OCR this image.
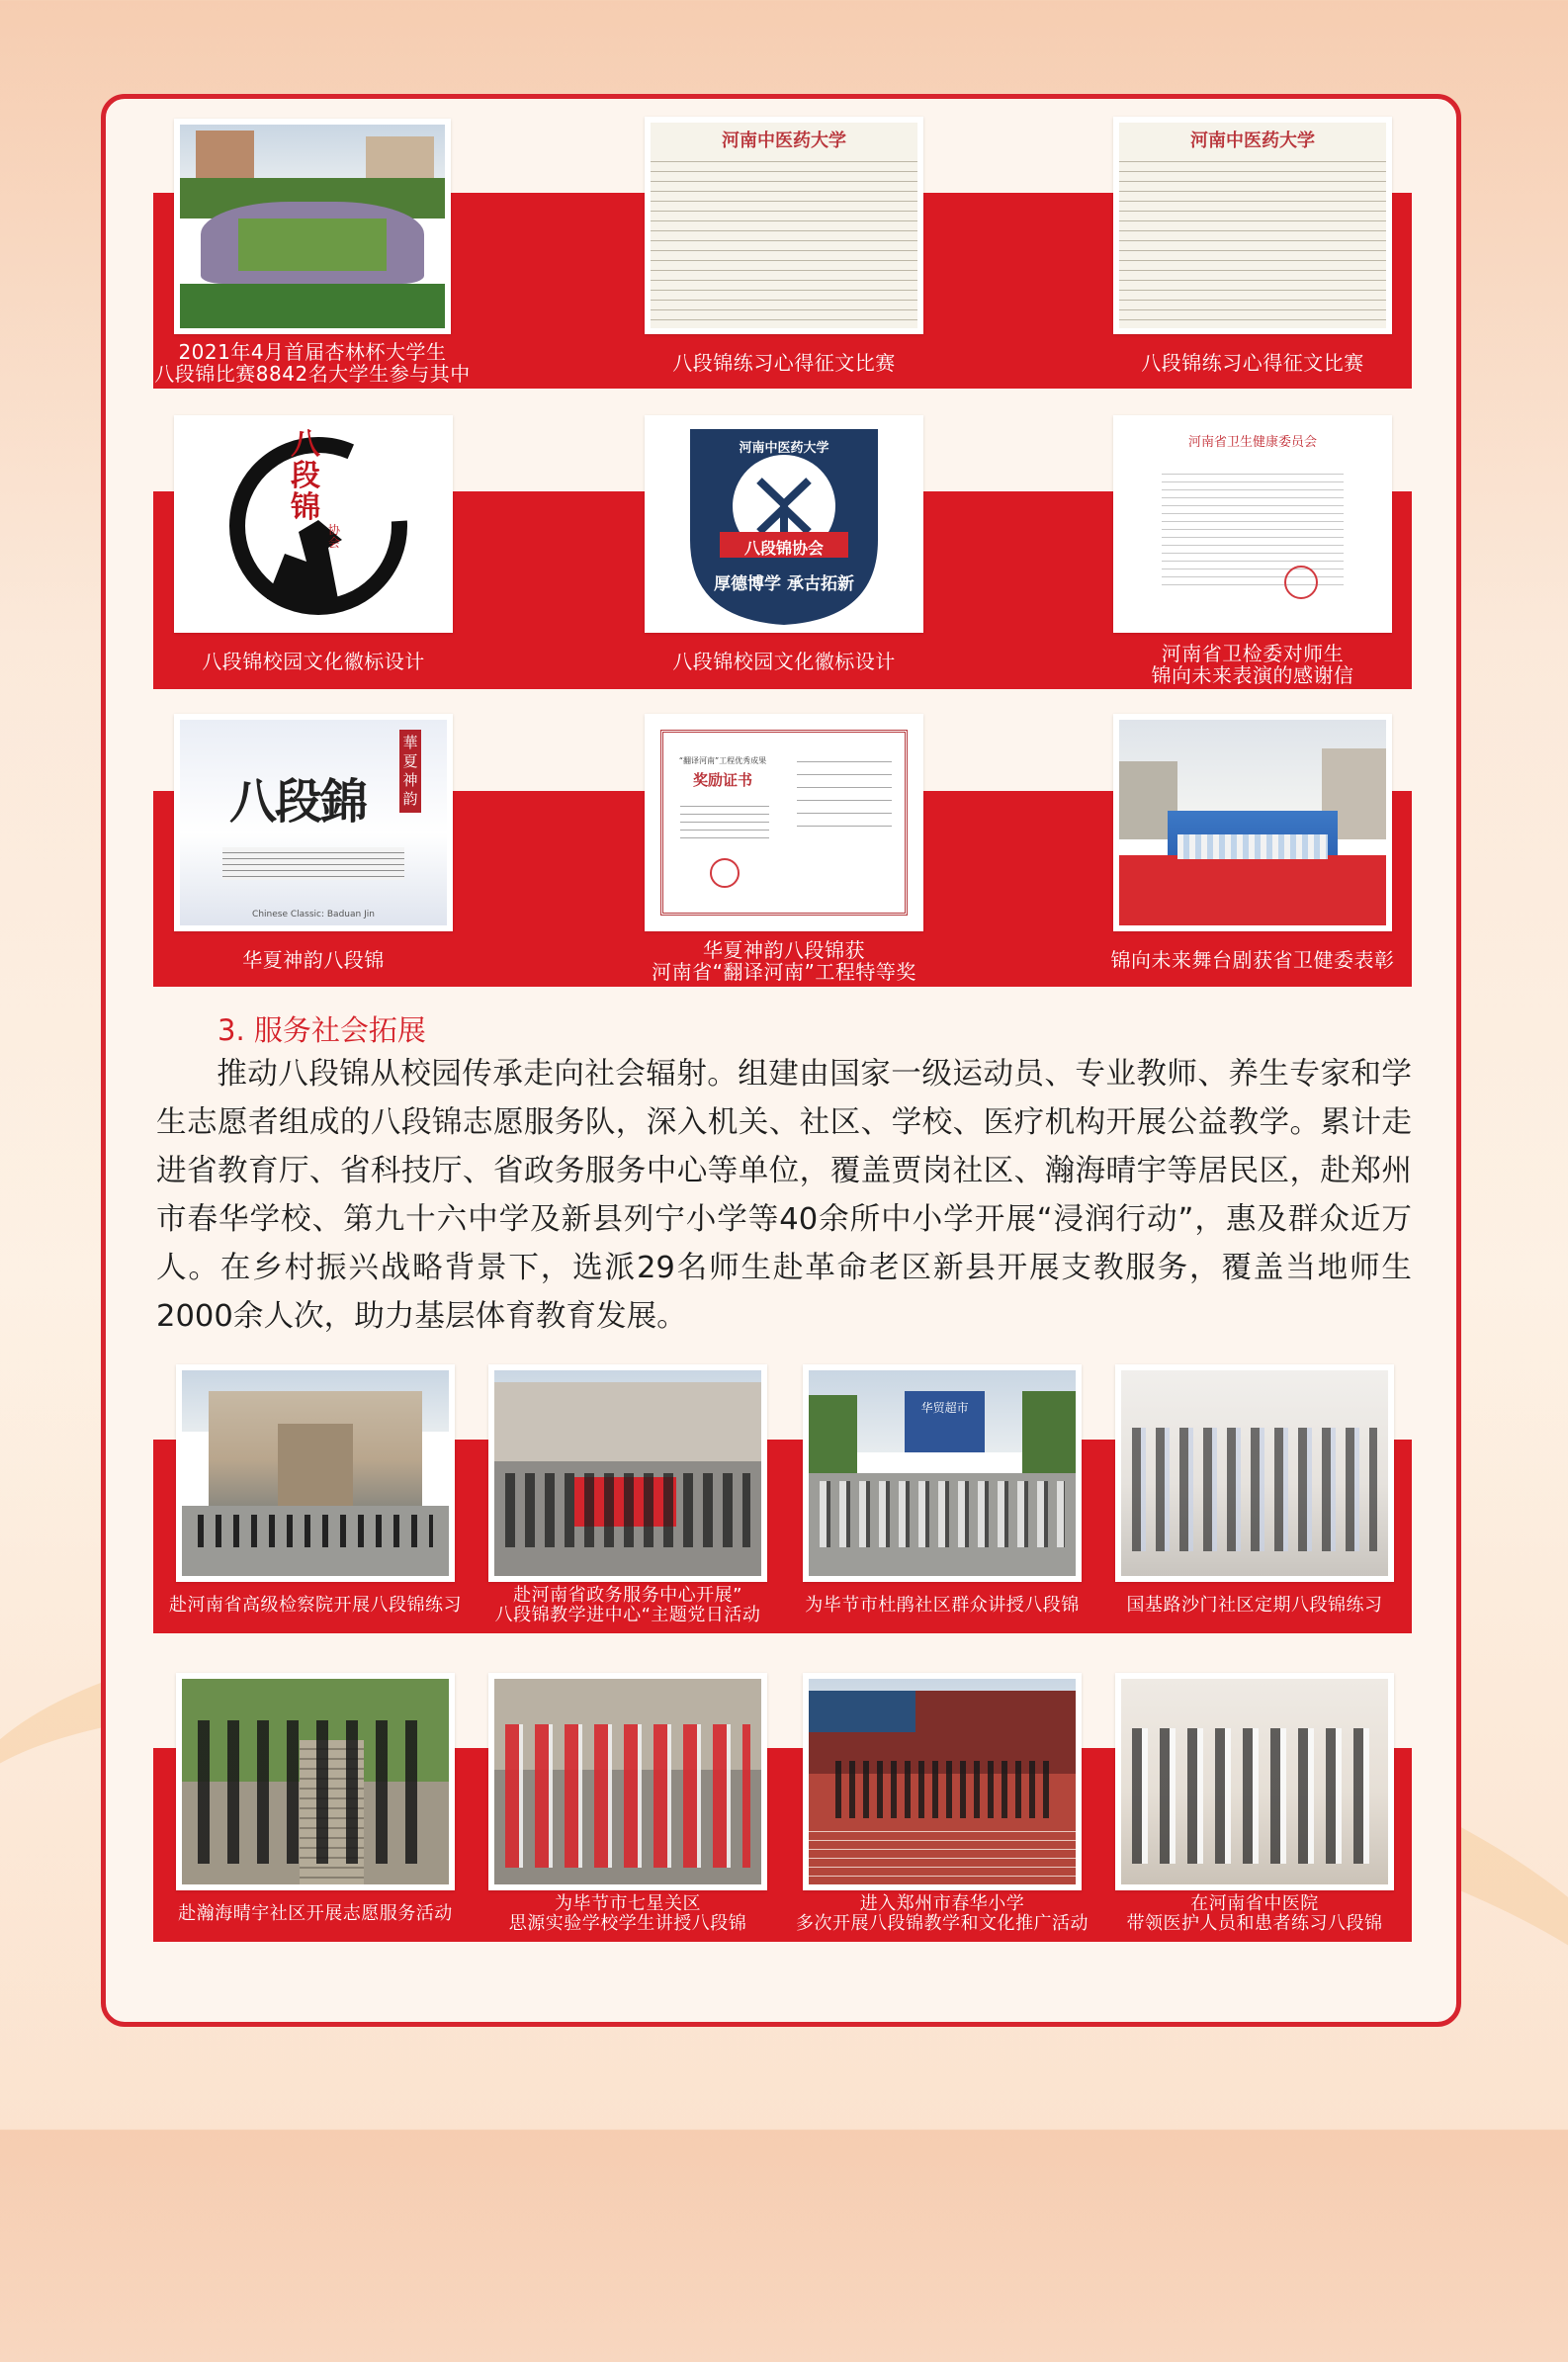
2021年4月首届杏林杯大学生
八段锦比赛8842名大学生参与其中
河南中医药大学
八段锦练习心得征文比赛
河南中医药大学
八段锦练习心得征文比赛
八 段 锦
协会
八段锦校园文化徽标设计
河南中医药大学
八段锦协会
厚德博学 承古拓新
八段锦校园文化徽标设计
河南省卫生健康委员会
河南省卫检委对师生
锦向未来表演的感谢信
八段錦
華夏神韵
Chinese Classic: Baduan Jin
华夏神韵八段锦
“翻译河南”工程优秀成果
奖励证书
华夏神韵八段锦获
河南省“翻译河南”工程特等奖	锦向未来舞台剧获省卫健委表彰
3. 服务社会拓展
推动八段锦从校园传承走向社会辐射。组建由国家一级运动员、专业教师、养生专家和学生志愿者组成的八段锦志愿服务队，深入机关、社区、学校、医疗机构开展公益教学。累计走进省教育厅、省科技厅、省政务服务中心等单位，覆盖贾岗社区、瀚海晴宇等居民区，赴郑州市春华学校、第九十六中学及新县列宁小学等40余所中小学开展“浸润行动”，惠及群众近万人。在乡村振兴战略背景下，选派29名师生赴革命老区新县开展支教服务，覆盖当地师生2000余人次，助力基层体育教育发展。
赴河南省高级检察院开展八段锦练习	赴河南省政务服务中心开展”
八段锦教学进中心“主题党日活动
华贸超市
为毕节市杜鹃社区群众讲授八段锦	国基路沙门社区定期八段锦练习
赴瀚海晴宇社区开展志愿服务活动	为毕节市七星关区
思源实验学校学生讲授八段锦
进入郑州市春华小学
多次开展八段锦教学和文化推广活动
在河南省中医院
带领医护人员和患者练习八段锦
